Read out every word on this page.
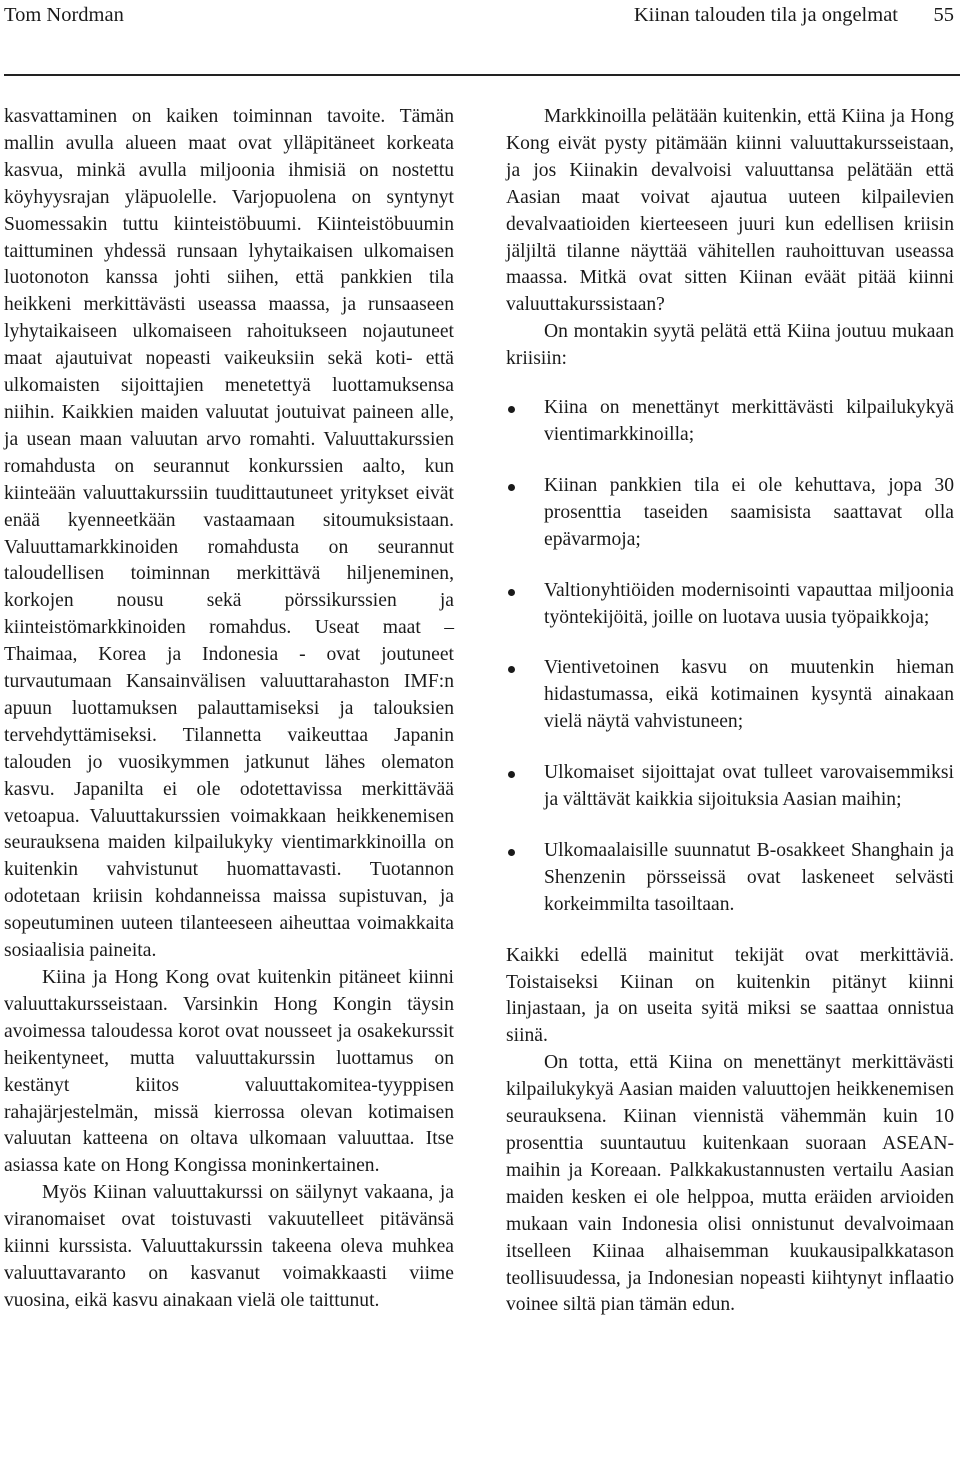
Tom Nordman	Kiinan talouden tila ja ongelmat 55

kasvattaminen on kaiken toiminnan tavoite. Tämän mallin avulla alueen maat ovat ylläpitäneet korkeata kasvua, minkä avulla miljoonia ihmisiä on nostettu köyhyysrajan yläpuolelle. Varjopuolena on syntynyt Suomessakin tuttu kiinteistöbuumi. Kiinteistöbuumin taittuminen yhdessä runsaan lyhytaikaisen ulkomaisen luotonoton kanssa johti siihen, että pankkien tila heikkeni merkittävästi useassa maassa, ja runsaaseen lyhytaikaiseen ulkomaiseen rahoitukseen nojautuneet maat ajautuivat nopeasti vaikeuksiin sekä koti- että ulkomaisten sijoittajien menetettyä luottamuksensa niihin. Kaikkien maiden valuutat joutuivat paineen alle, ja usean maan valuutan arvo romahti. Valuuttakurssien romahdusta on seurannut konkurssien aalto, kun kiinteään valuuttakurssiin tuudittautuneet yritykset eivät enää kyenneetkään vastaamaan sitoumuksistaan. Valuuttamarkkinoiden romahdusta on seurannut taloudellisen toiminnan merkittävä hiljeneminen, korkojen nousu sekä pörssikurssien ja kiinteistömarkkinoiden romahdus. Useat maat – Thaimaa, Korea ja Indonesia - ovat joutuneet turvautumaan Kansainvälisen valuuttarahaston IMF:n apuun luottamuksen palauttamiseksi ja talouksien tervehdyttämiseksi. Tilannetta vaikeuttaa Japanin talouden jo vuosikymmen jatkunut lähes olematon kasvu. Japanilta ei ole odotettavissa merkittävää vetoapua. Valuuttakurssien voimakkaan heikkenemisen seurauksena maiden kilpailukyky vientimarkkinoilla on kuitenkin vahvistunut huomattavasti. Tuotannon odotetaan kriisin kohdanneissa maissa supistuvan, ja sopeutuminen uuteen tilanteeseen aiheuttaa voimakkaita sosiaalisia paineita.

Kiina ja Hong Kong ovat kuitenkin pitäneet kiinni valuuttakursseistaan. Varsinkin Hong Kongin täysin avoimessa taloudessa korot ovat nousseet ja osakekurssit heikentyneet, mutta valuuttakurssin luottamus on kestänyt kiitos valuuttakomitea-tyyppisen rahajärjestelmän, missä kierrossa olevan kotimaisen valuutan katteena on oltava ulkomaan valuuttaa. Itse asiassa kate on Hong Kongissa moninkertainen.

Myös Kiinan valuuttakurssi on säilynyt vakaana, ja viranomaiset ovat toistuvasti vakuutelleet pitävänsä kiinni kurssista. Valuuttakurssin takeena oleva muhkea valuuttavaranto on kasvanut voimakkaasti viime vuosina, eikä kasvu ainakaan vielä ole taittunut.

Markkinoilla pelätään kuitenkin, että Kiina ja Hong Kong eivät pysty pitämään kiinni valuuttakursseistaan, ja jos Kiinakin devalvoisi valuuttansa pelätään että Aasian maat voivat ajautua uuteen kilpailevien devalvaatioiden kierteeseen juuri kun edellisen kriisin jäljiltä tilanne näyttää vähitellen rauhoittuvan useassa maassa. Mitkä ovat sitten Kiinan eväät pitää kiinni valuuttakurssistaan?

On montakin syytä pelätä että Kiina joutuu mukaan kriisiin:

Kiina on menettänyt merkittävästi kilpailukykyä vientimarkkinoilla;
Kiinan pankkien tila ei ole kehuttava, jopa 30 prosenttia taseiden saamisista saattavat olla epävarmoja;
Valtionyhtiöiden modernisointi vapauttaa miljoonia työntekijöitä, joille on luotava uusia työpaikkoja;
Vientivetoinen kasvu on muutenkin hieman hidastumassa, eikä kotimainen kysyntä ainakaan vielä näytä vahvistuneen;
Ulkomaiset sijoittajat ovat tulleet varovaisemmiksi ja välttävät kaikkia sijoituksia Aasian maihin;
Ulkomaalaisille suunnatut B-osakkeet Shanghain ja Shenzenin pörsseissä ovat laskeneet selvästi korkeimmilta tasoiltaan.

Kaikki edellä mainitut tekijät ovat merkittäviä. Toistaiseksi Kiinan on kuitenkin pitänyt kiinni linjastaan, ja on useita syitä miksi se saattaa onnistua siinä.

On totta, että Kiina on menettänyt merkittävästi kilpailukykyä Aasian maiden valuuttojen heikkenemisen seurauksena. Kiinan viennistä vähemmän kuin 10 prosenttia suuntautuu kuitenkaan suoraan ASEAN-maihin ja Koreaan. Palkkakustannusten vertailu Aasian maiden kesken ei ole helppoa, mutta eräiden arvioiden mukaan vain Indonesia olisi onnistunut devalvoimaan itselleen Kiinaa alhaisemman kuukausipalkkatason teollisuudessa, ja Indonesian nopeasti kiihtynyt inflaatio voinee siltä pian tämän edun.
